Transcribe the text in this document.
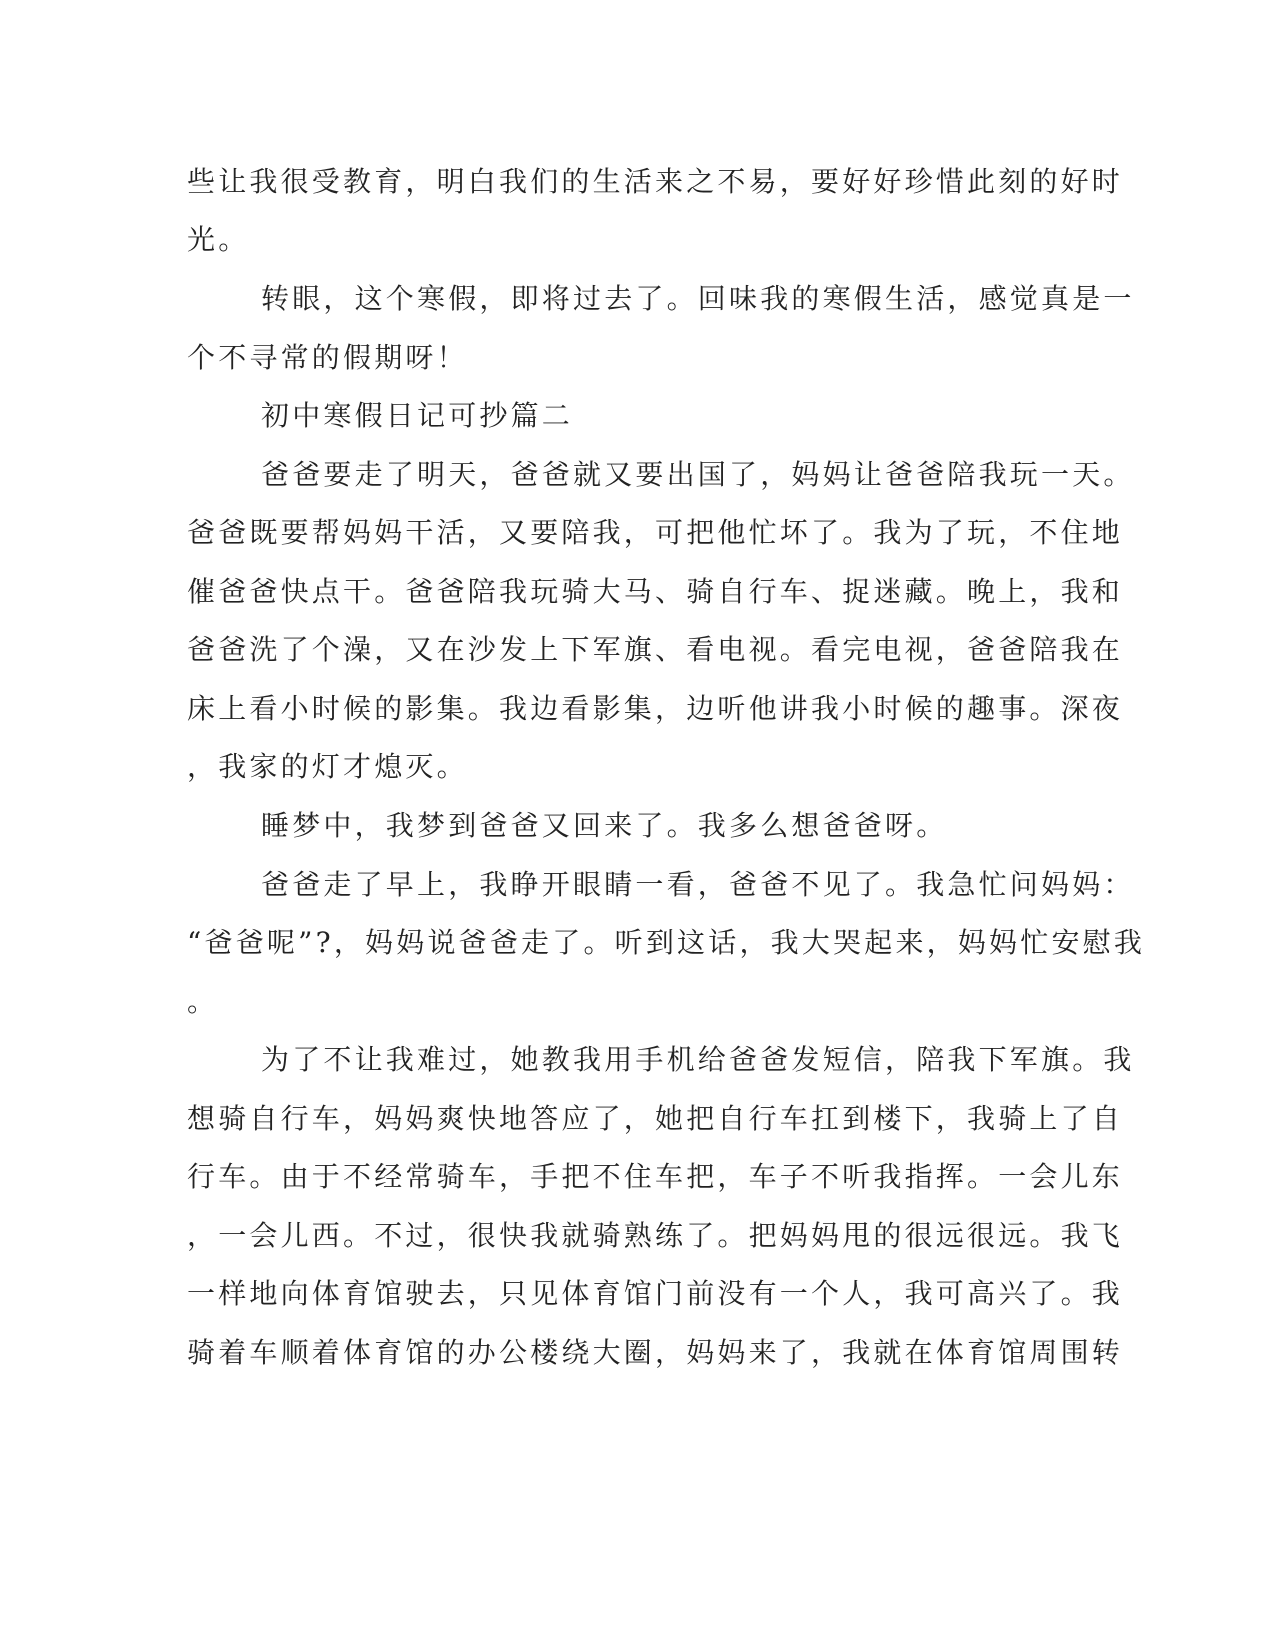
些让我很受教育，明白我们的生活来之不易，要好好珍惜此刻的好时
光。
转眼，这个寒假，即将过去了。回味我的寒假生活，感觉真是一
个不寻常的假期呀！
初中寒假日记可抄篇二
爸爸要走了明天，爸爸就又要出国了，妈妈让爸爸陪我玩一天。
爸爸既要帮妈妈干活，又要陪我，可把他忙坏了。我为了玩，不住地
催爸爸快点干。爸爸陪我玩骑大马、骑自行车、捉迷藏。晚上，我和
爸爸洗了个澡，又在沙发上下军旗、看电视。看完电视，爸爸陪我在
床上看小时候的影集。我边看影集，边听他讲我小时候的趣事。深夜
，我家的灯才熄灭。
睡梦中，我梦到爸爸又回来了。我多么想爸爸呀。
爸爸走了早上，我睁开眼睛一看，爸爸不见了。我急忙问妈妈：
“爸爸呢”?，妈妈说爸爸走了。听到这话，我大哭起来，妈妈忙安慰我
。
为了不让我难过，她教我用手机给爸爸发短信，陪我下军旗。我
想骑自行车，妈妈爽快地答应了，她把自行车扛到楼下，我骑上了自
行车。由于不经常骑车，手把不住车把，车子不听我指挥。一会儿东
，一会儿西。不过，很快我就骑熟练了。把妈妈甩的很远很远。我飞
一样地向体育馆驶去，只见体育馆门前没有一个人，我可高兴了。我
骑着车顺着体育馆的办公楼绕大圈，妈妈来了，我就在体育馆周围转
